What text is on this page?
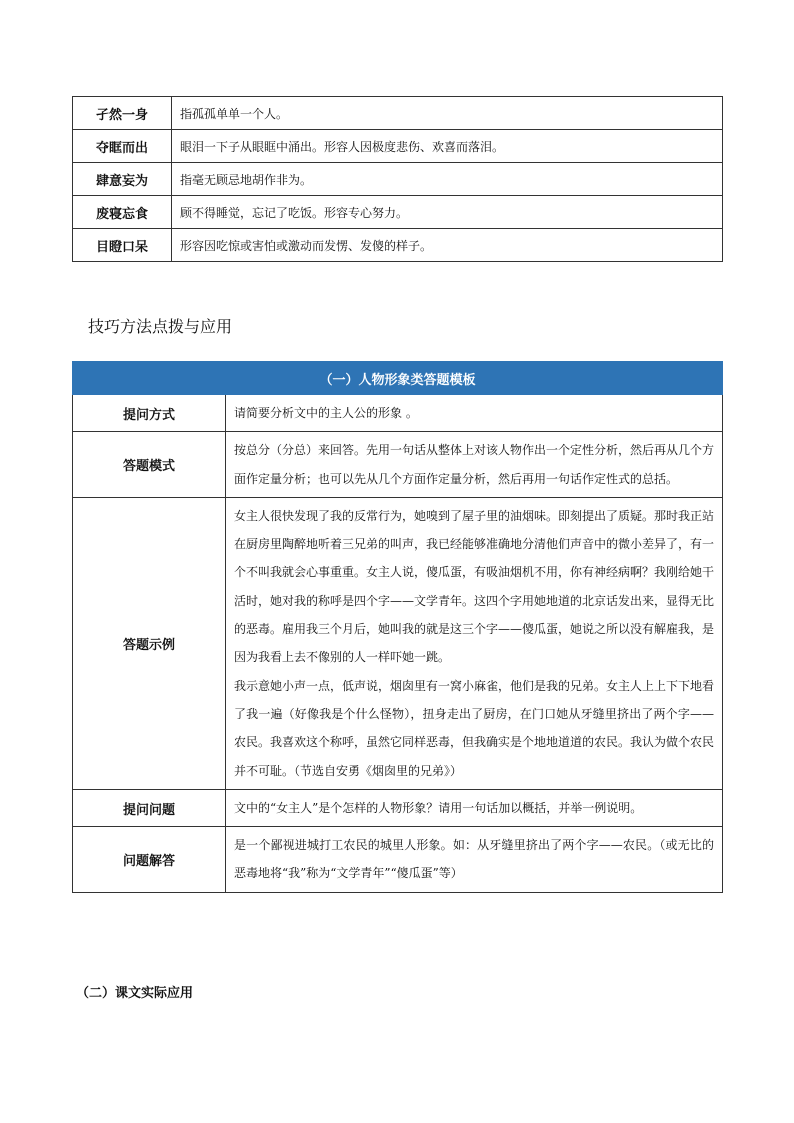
孑然一身	指孤孤单单一个人。
夺眶而出	眼泪一下子从眼眶中涌出。形容人因极度悲伤、欢喜而落泪。
肆意妄为	指毫无顾忌地胡作非为。
废寝忘食	顾不得睡觉，忘记了吃饭。形容专心努力。
目瞪口呆	形容因吃惊或害怕或激动而发愣、发傻的样子。
技巧方法点拨与应用
（一）人物形象类答题模板	
提问方式	请简要分析文中的主人公的形象 。
答题模式	按总分（分总）来回答。先用一句话从整体上对该人物作出一个定性分析，然后再从几个方面作定量分析；也可以先从几个方面作定量分析，然后再用一句话作定性式的总括。
答题示例	女主人很快发现了我的反常行为，她嗅到了屋子里的油烟味。即刻提出了质疑。那时我正站在厨房里陶醉地听着三兄弟的叫声，我已经能够准确地分清他们声音中的微小差异了，有一个不叫我就会心事重重。女主人说，傻瓜蛋，有吸油烟机不用，你有神经病啊？我刚给她干活时，她对我的称呼是四个字——文学青年。这四个字用她地道的北京话发出来，显得无比的恶毒。雇用我三个月后，她叫我的就是这三个字——傻瓜蛋，她说之所以没有解雇我，是因为我看上去不像别的人一样吓她一跳。
我示意她小声一点，低声说，烟囱里有一窝小麻雀，他们是我的兄弟。女主人上上下下地看了我一遍（好像我是个什么怪物），扭身走出了厨房，在门口她从牙缝里挤出了两个字——农民。我喜欢这个称呼，虽然它同样恶毒，但我确实是个地地道道的农民。我认为做个农民并不可耻。（节选自安勇《烟囱里的兄弟》）

提问问题	文中的“女主人”是个怎样的人物形象？请用一句话加以概括，并举一例说明。
问题解答	是一个鄙视进城打工农民的城里人形象。如：从牙缝里挤出了两个字——农民。（或无比的恶毒地将“我”称为“文学青年”“傻瓜蛋”等）
（二）课文实际应用
